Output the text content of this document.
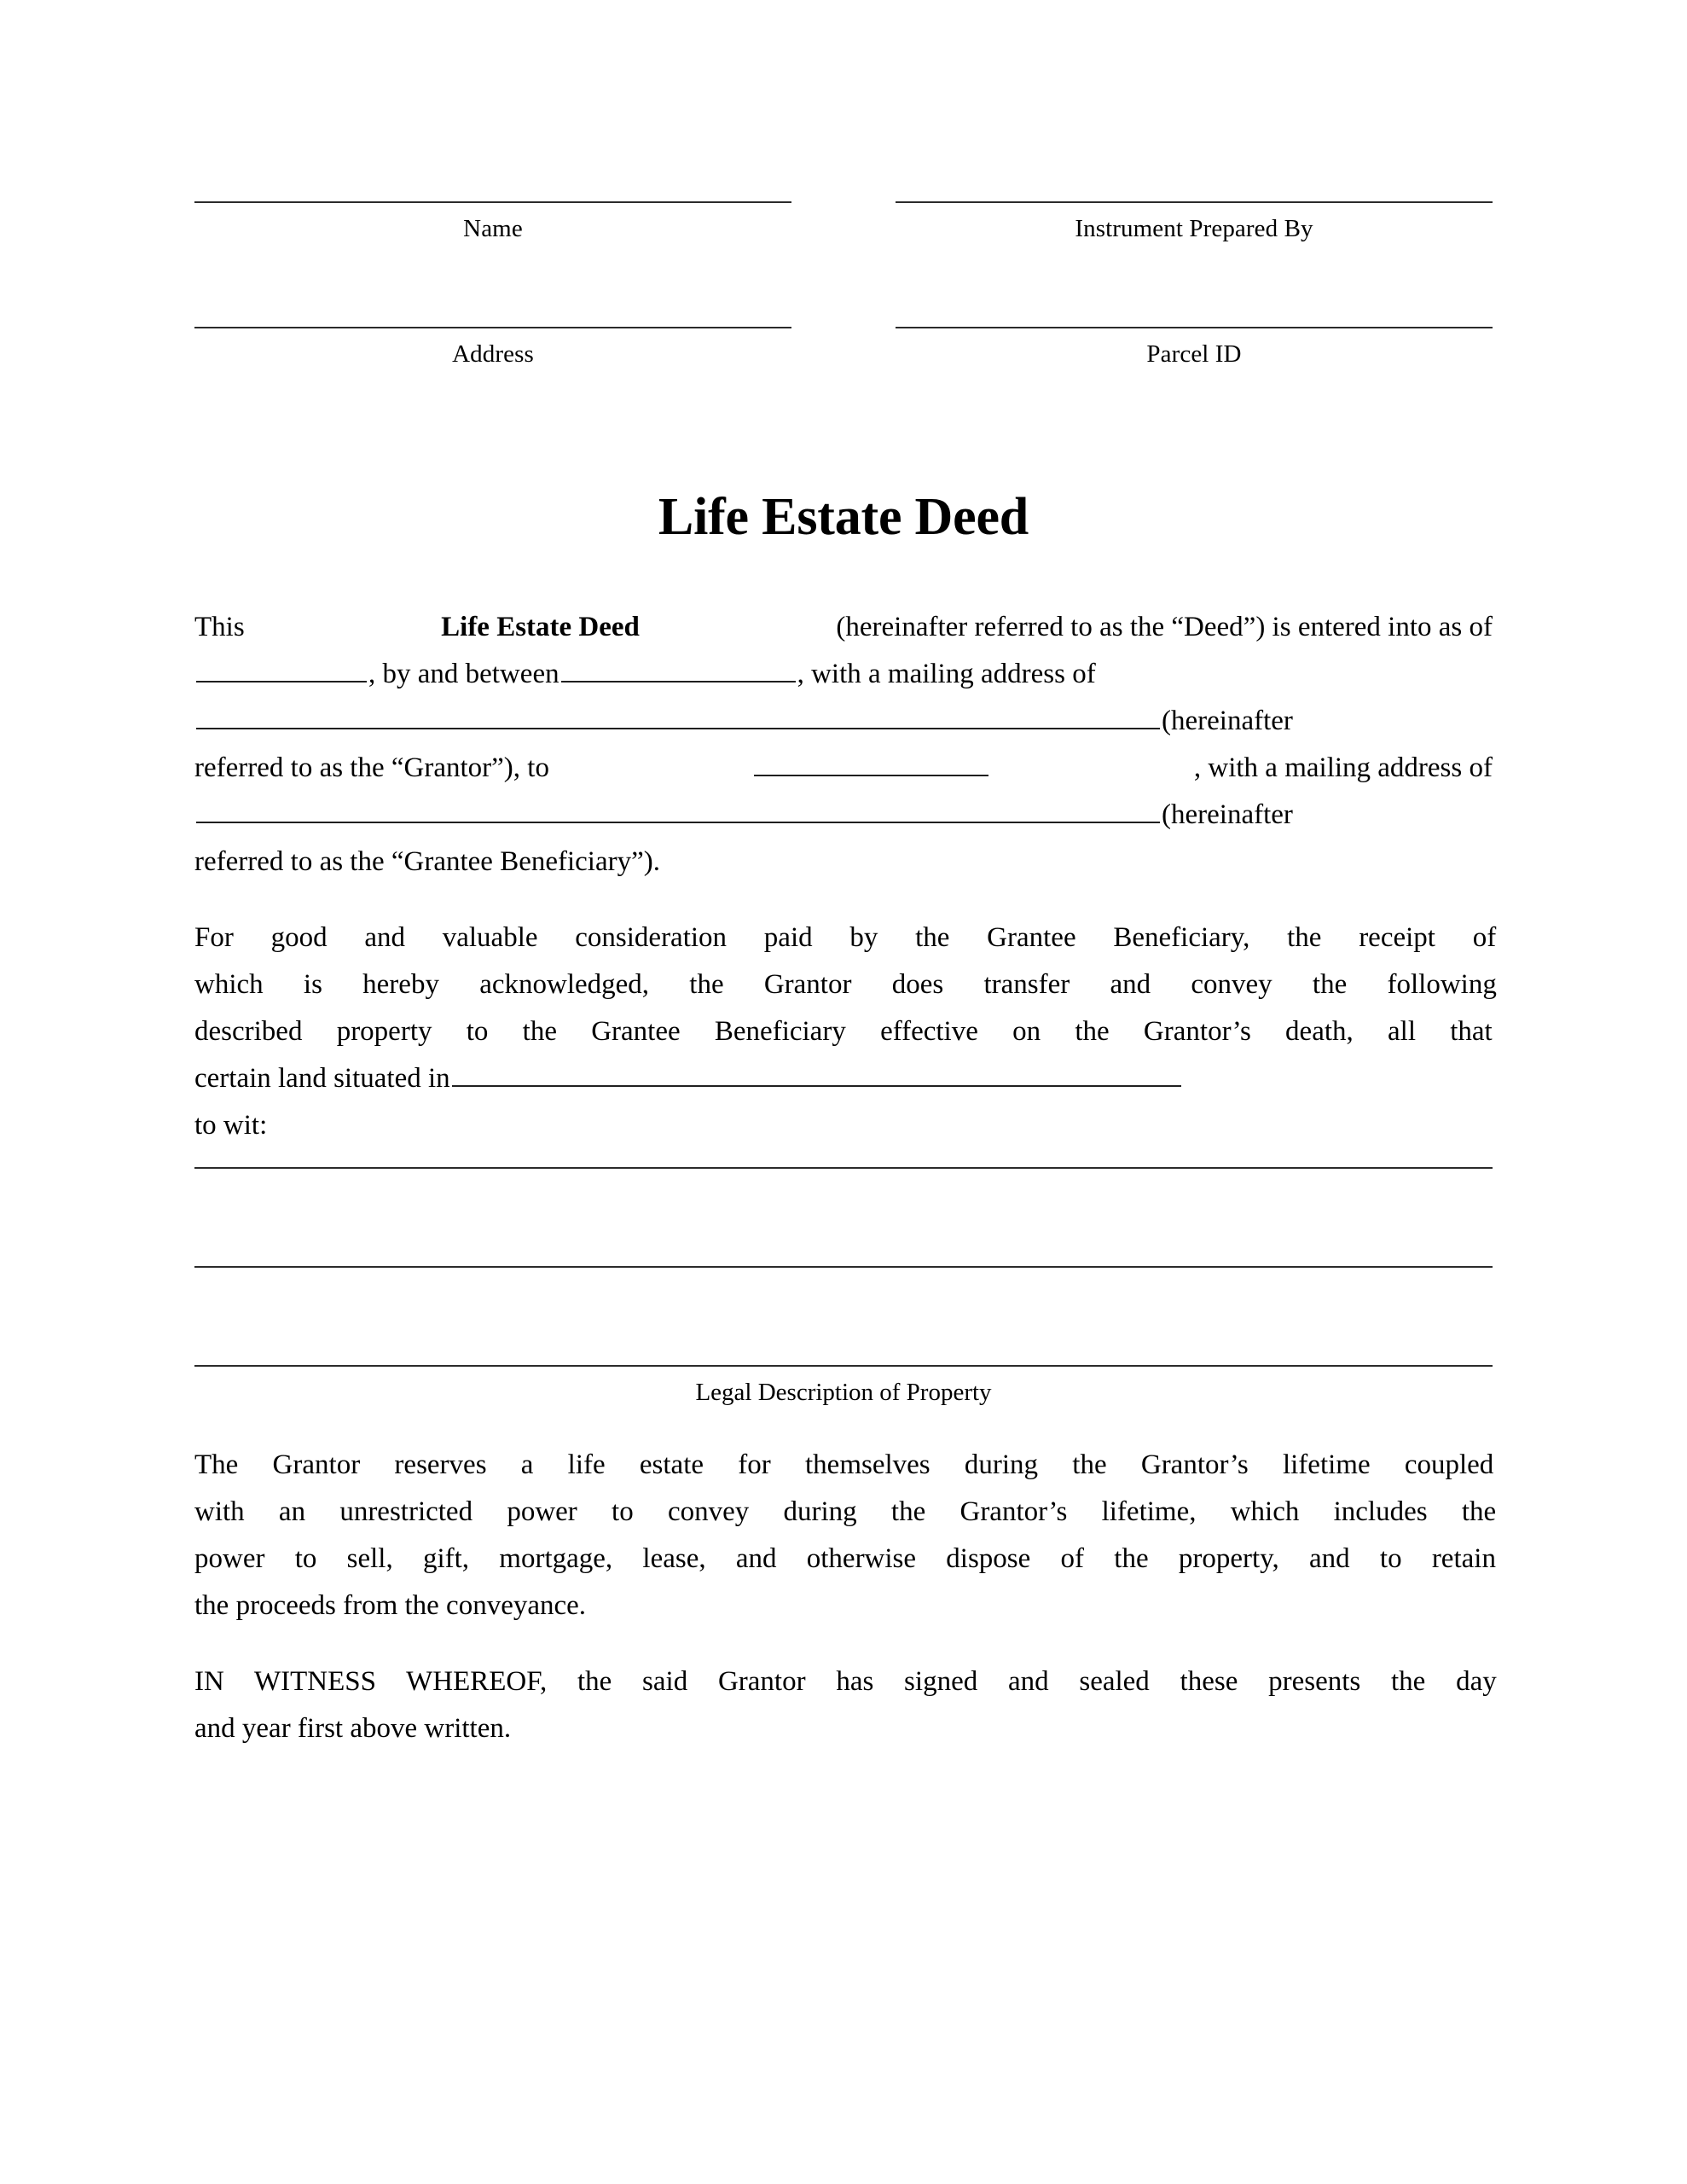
Name	Instrument Prepared By
Address	Parcel ID
Life Estate Deed

This	Life Estate Deed	(hereinafter referred to as the “Deed”) is entered into as of
, by and between	, with a mailing address of
(hereinafter
referred to as the “Grantor”), to	, with a mailing address of
(hereinafter
referred to as the “Grantee Beneficiary”).

For good and valuable consideration paid by the Grantee Beneficiary, the receipt of
which is hereby acknowledged, the Grantor does transfer and convey the following
described property to the Grantee Beneficiary effective on the Grantor’s death, all that
certain land situated in
to wit:

Legal Description of Property

The Grantor reserves a life estate for themselves during the Grantor’s lifetime coupled
with an unrestricted power to convey during the Grantor’s lifetime, which includes the
power to sell, gift, mortgage, lease, and otherwise dispose of the property, and to retain
the proceeds from the conveyance.

IN WITNESS WHEREOF, the said Grantor has signed and sealed these presents the day
and year first above written.
